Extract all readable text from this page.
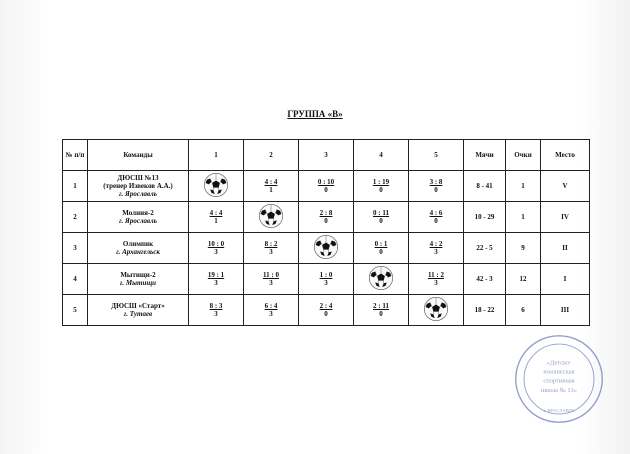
ГРУППА «В»
№ п/п	Команды	1	2	3	4	5	Мячи	Очки	Место
1	ДЮСШ №13
(тренер Извеков А.А.)
г. Ярославль		$\frac{4 : 4}{1}$	$\frac{0 : 10}{0}$	$\frac{1 : 19}{0}$	$\frac{3 : 8}{0}$	8 - 41	1	V
2	Молния-2
г. Ярославль	$\frac{4 : 4}{1}$		$\frac{2 : 8}{0}$	$\frac{0 : 11}{0}$	$\frac{4 : 6}{0}$	10 - 29	1	IV
3	Олимпик
г. Архангельск	$\frac{10 : 0}{3}$	$\frac{8 : 2}{3}$		$\frac{0 : 1}{0}$	$\frac{4 : 2}{3}$	22 - 5	9	II
4	Мытищи-2
г. Мытищи	$\frac{19 : 1}{3}$	$\frac{11 : 0}{3}$	$\frac{1 : 0}{3}$		$\frac{11 : 2}{3}$	42 - 3	12	I
5	ДЮСШ «Старт»
г. Тутаев	$\frac{8 : 3}{3}$	$\frac{6 : 4}{3}$	$\frac{2 : 4}{0}$	$\frac{2 : 11}{0}$		18 - 22	6	III
«Детско-
юношеская
спортивная
школа № 13»
г. ЯРОСЛАВЛЬ
